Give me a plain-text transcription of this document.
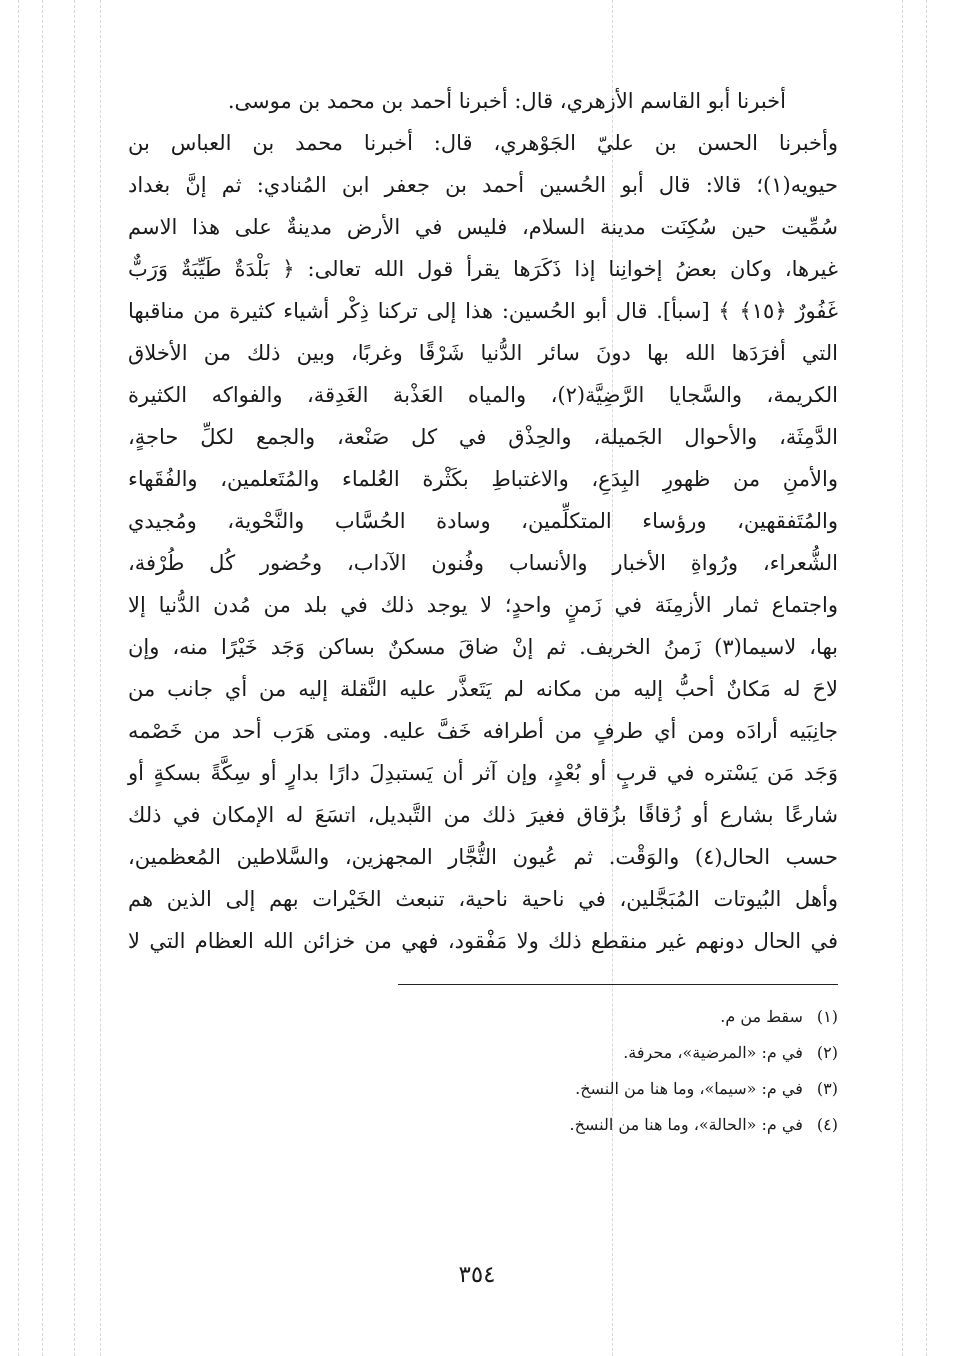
أخبرنا أبو القاسم الأزهري، قال: أخبرنا أحمد بن محمد بن موسى.
وأخبرنا الحسن بن عليّ الجَوْهري، قال: أخبرنا محمد بن العباس بن
حيويه(١)؛ قالا: قال أبو الحُسين أحمد بن جعفر ابن المُنادي: ثم إنَّ بغداد
سُمِّيت حين سُكِنَت مدينة السلام، فليس في الأرض مدينةٌ على هذا الاسم
غيرها، وكان بعضُ إخوانِنا إذا ذَكَرَها يقرأ قول الله تعالى: ﴿ بَلْدَةٌ طَيِّبَةٌ وَرَبٌّ
غَفُورٌ ﴿١٥﴾ ﴾ [سبأ]. قال أبو الحُسين: هذا إلى تركنا ذِكْر أشياء كثيرة من مناقبها
التي أفرَدَها الله بها دونَ سائر الدُّنيا شَرْقًا وغربًا، وبين ذلك من الأخلاق
الكريمة، والسَّجايا الرَّضِيَّة(٢)، والمياه العَذْبة الغَدِقة، والفواكه الكثيرة
الدَّمِثَة، والأحوال الجَميلة، والحِذْق في كل صَنْعة، والجمع لكلِّ حاجةٍ،
والأمنِ من ظهورِ البِدَعِ، والاغتباطِ بكَثْرة العُلماء والمُتَعلمين، والفُقَهاء
والمُتَفقهين، ورؤساء المتكلِّمين، وسادة الحُسَّاب والنَّحْوية، ومُجيدي
الشُّعراء، ورُواةِ الأخبار والأنساب وفُنون الآداب، وحُضور كُل طُرْفة،
واجتماع ثمار الأزمِنَة في زَمنٍ واحدٍ؛ لا يوجد ذلك في بلد من مُدن الدُّنيا إلا
بها، لاسيما(٣) زَمنُ الخريف. ثم إنْ ضاقَ مسكنٌ بساكن وَجَد خَيْرًا منه، وإن
لاحَ له مَكانٌ أحبُّ إليه من مكانه لم يَتَعذَّر عليه النَّقلة إليه من أي جانب من
جانِبَيه أرادَه ومن أي طرفٍ من أطرافه خَفَّ عليه. ومتى هَرَب أحد من خَصْمه
وَجَد مَن يَسْتره في قربٍ أو بُعْدٍ، وإن آثر أن يَستبدِلَ دارًا بدارٍ أو سِكَّةً بسكةٍ أو
شارعًا بشارع أو زُقاقًا بزُقاق فغيرَ ذلك من التَّبديل، اتسَعَ له الإمكان في ذلك
حسب الحال(٤) والوَقْت. ثم عُيون التُّجَّار المجهزين، والسَّلاطين المُعظمين،
وأهل البُيوتات المُبَجَّلين، في ناحية ناحية، تنبعث الخَيْرات بهم إلى الذين هم
في الحال دونهم غير منقطع ذلك ولا مَفْقود، فهي من خزائن الله العظام التي لا
(١)سقط من م.
(٢)في م: «المرضية»، محرفة.
(٣)في م: «سيما»، وما هنا من النسخ.
(٤)في م: «الحالة»، وما هنا من النسخ.
٣٥٤
